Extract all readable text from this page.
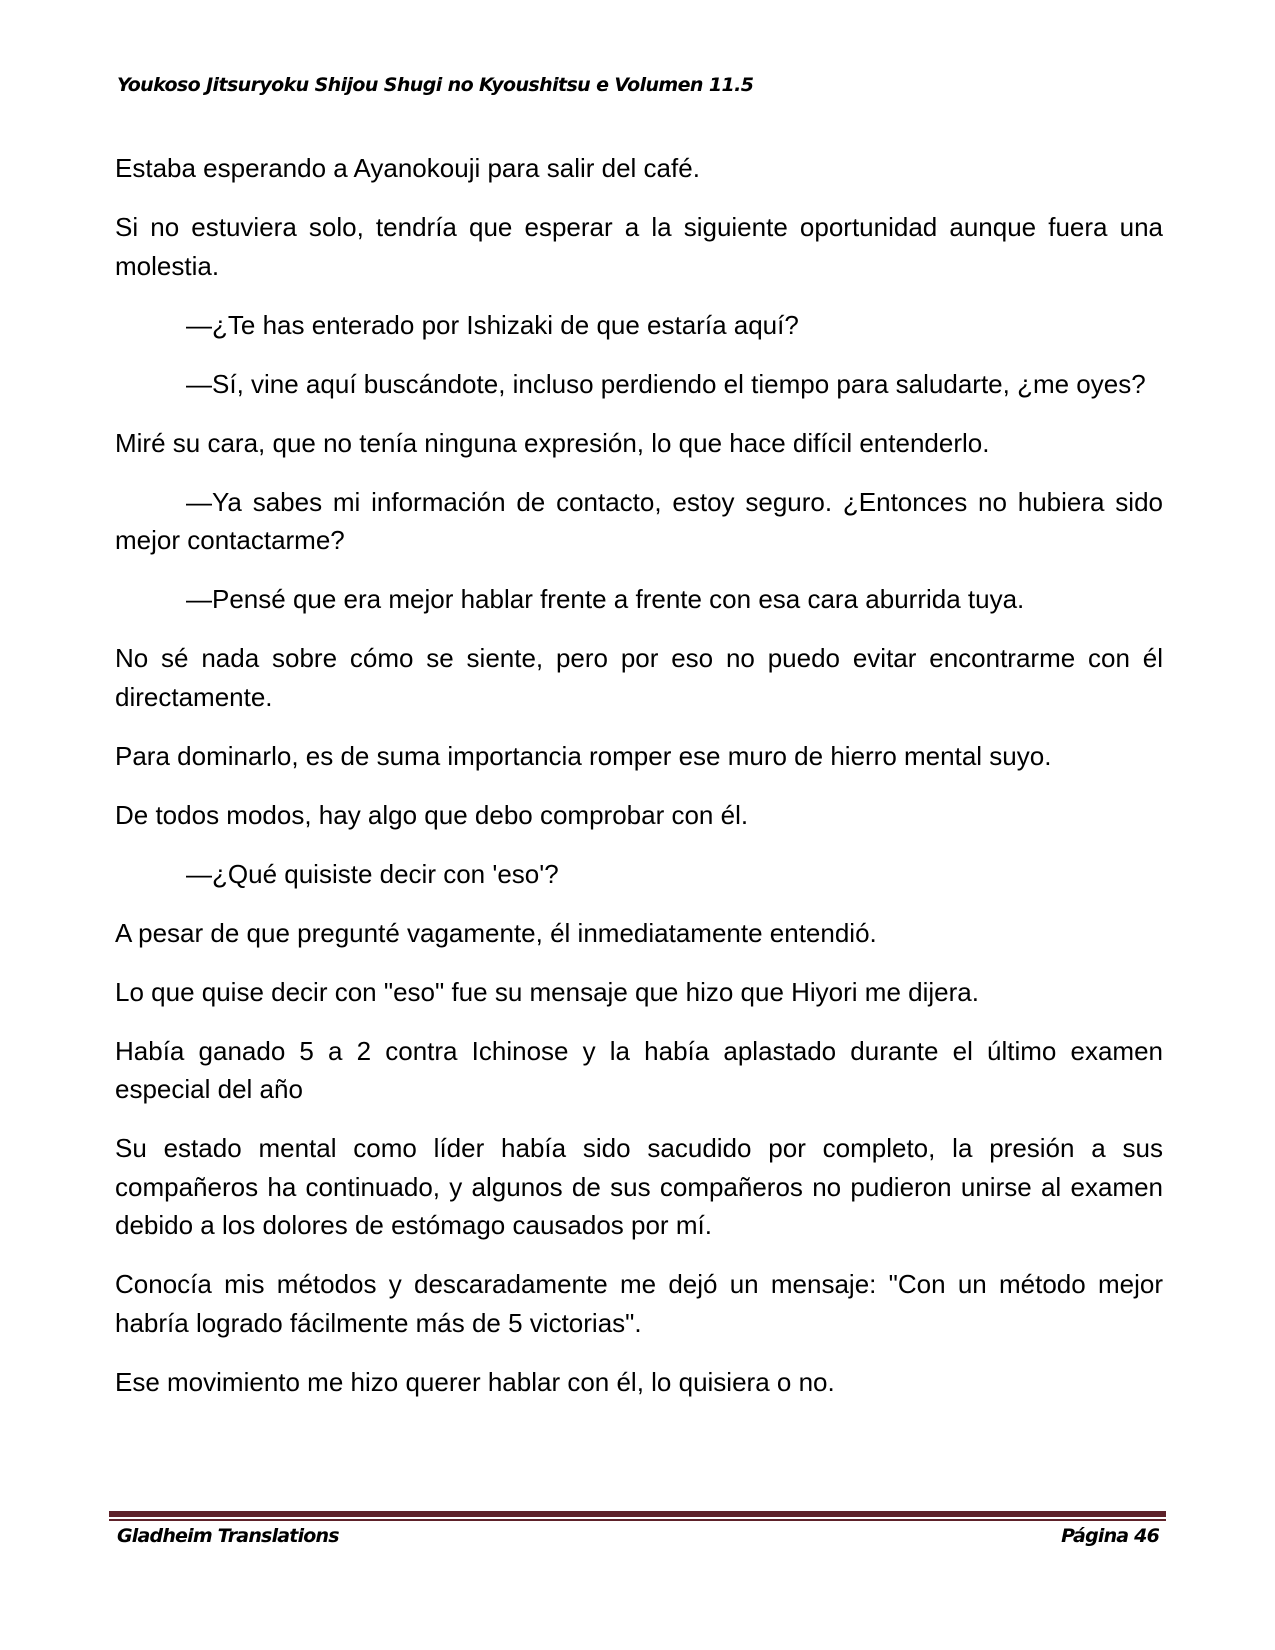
Youkoso Jitsuryoku Shijou Shugi no Kyoushitsu e Volumen 11.5

Estaba esperando a Ayanokouji para salir del café.

Si no estuviera solo, tendría que esperar a la siguiente oportunidad aunque fuera una molestia.

—¿Te has enterado por Ishizaki de que estaría aquí?

—Sí, vine aquí buscándote, incluso perdiendo el tiempo para saludarte, ¿me oyes?

Miré su cara, que no tenía ninguna expresión, lo que hace difícil entenderlo.

—Ya sabes mi información de contacto, estoy seguro. ¿Entonces no hubiera sido mejor contactarme?

—Pensé que era mejor hablar frente a frente con esa cara aburrida tuya.

No sé nada sobre cómo se siente, pero por eso no puedo evitar encontrarme con él directamente.

Para dominarlo, es de suma importancia romper ese muro de hierro mental suyo.

De todos modos, hay algo que debo comprobar con él.

—¿Qué quisiste decir con 'eso'?

A pesar de que pregunté vagamente, él inmediatamente entendió.

Lo que quise decir con "eso" fue su mensaje que hizo que Hiyori me dijera.

Había ganado 5 a 2 contra Ichinose y la había aplastado durante el último examen especial del año

Su estado mental como líder había sido sacudido por completo, la presión a sus compañeros ha continuado, y algunos de sus compañeros no pudieron unirse al examen debido a los dolores de estómago causados por mí.

Conocía mis métodos y descaradamente me dejó un mensaje: "Con un método mejor habría logrado fácilmente más de 5 victorias".

Ese movimiento me hizo querer hablar con él, lo quisiera o no.

Gladheim Translations	Página 46
